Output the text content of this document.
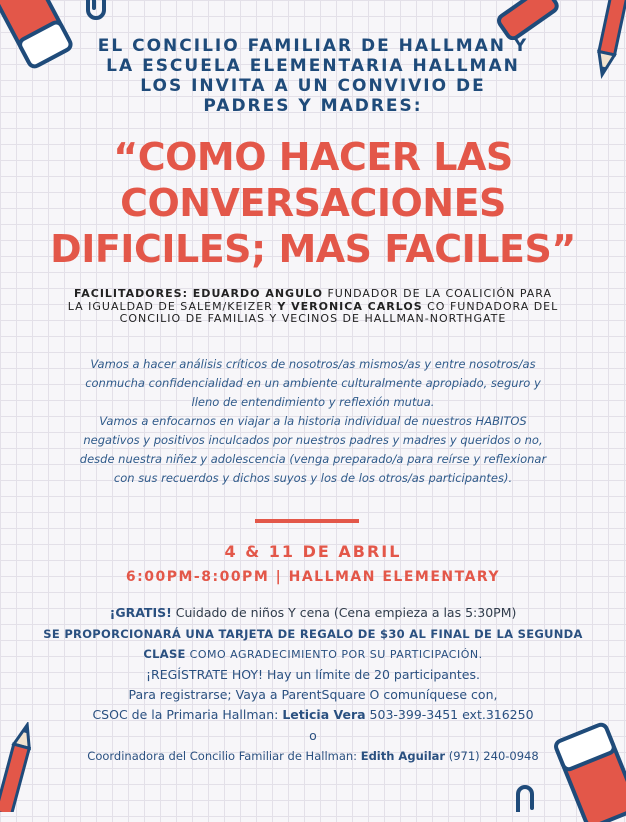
EL CONCILIO FAMILIAR DE HALLMAN Y
LA ESCUELA ELEMENTARIA HALLMAN
LOS INVITA A UN CONVIVIO DE
PADRES Y MADRES:
“COMO HACER LAS
CONVERSACIONES
DIFICILES; MAS FACILES”
FACILITADORES: EDUARDO ANGULO FUNDADOR DE LA COALICIÓN PARA LA IGUALDAD DE SALEM/KEIZER Y VERONICA CARLOS CO FUNDADORA DEL CONCILIO DE FAMILIAS Y VECINOS DE HALLMAN-NORTHGATE
Vamos a hacer análisis críticos de nosotros/as mismos/as y entre nosotros/as conmucha confidencialidad en un ambiente culturalmente apropiado, seguro y lleno de entendimiento y reflexión mutua.
Vamos a enfocarnos en viajar a la historia individual de nuestros HABITOS negativos y positivos inculcados por nuestros padres y madres y queridos o no, desde nuestra niñez y adolescencia (venga preparado/a para reírse y reflexionar con sus recuerdos y dichos suyos y los de los otros/as participantes).
4 & 11 DE ABRIL
6:00PM-8:00PM | HALLMAN ELEMENTARY
¡GRATIS! Cuidado de niños Y cena (Cena empieza a las 5:30PM)
SE PROPORCIONARÁ UNA TARJETA DE REGALO DE $30 AL FINAL DE LA SEGUNDA CLASE COMO AGRADECIMIENTO POR SU PARTICIPACIÓN.
¡REGÍSTRATE HOY! Hay un límite de 20 participantes.
Para registrarse; Vaya a ParentSquare O comuníquese con,
CSOC de la Primaria Hallman: Leticia Vera 503-399-3451 ext.316250
o
Coordinadora del Concilio Familiar de Hallman: Edith Aguilar (971) 240-0948
